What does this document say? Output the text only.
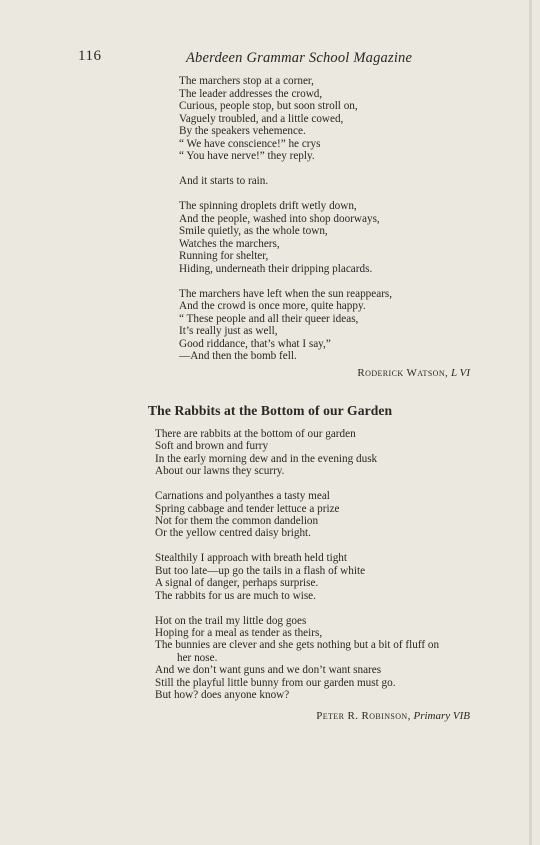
116	Aberdeen Grammar School Magazine
The marchers stop at a corner,
The leader addresses the crowd,
Curious, people stop, but soon stroll on,
Vaguely troubled, and a little cowed,
By the speakers vehemence.
“ We have conscience!” he crys
“ You have nerve!” they reply.
And it starts to rain.
The spinning droplets drift wetly down,
And the people, washed into shop doorways,
Smile quietly, as the whole town,
Watches the marchers,
Running for shelter,
Hiding, underneath their dripping placards.
The marchers have left when the sun reappears,
And the crowd is once more, quite happy.
“ These people and all their queer ideas,
It’s really just as well,
Good riddance, that’s what I say,”
—And then the bomb fell.
Roderick Watson, L VI
The Rabbits at the Bottom of our Garden
There are rabbits at the bottom of our garden
Soft and brown and furry
In the early morning dew and in the evening dusk
About our lawns they scurry.
Carnations and polyanthes a tasty meal
Spring cabbage and tender lettuce a prize
Not for them the common dandelion
Or the yellow centred daisy bright.
Stealthily I approach with breath held tight
But too late—up go the tails in a flash of white
A signal of danger, perhaps surprise.
The rabbits for us are much to wise.
Hot on the trail my little dog goes
Hoping for a meal as tender as theirs,
The bunnies are clever and she gets nothing but a bit of fluff on
her nose.
And we don’t want guns and we don’t want snares
Still the playful little bunny from our garden must go.
But how? does anyone know?
Peter R. Robinson, Primary VIB
